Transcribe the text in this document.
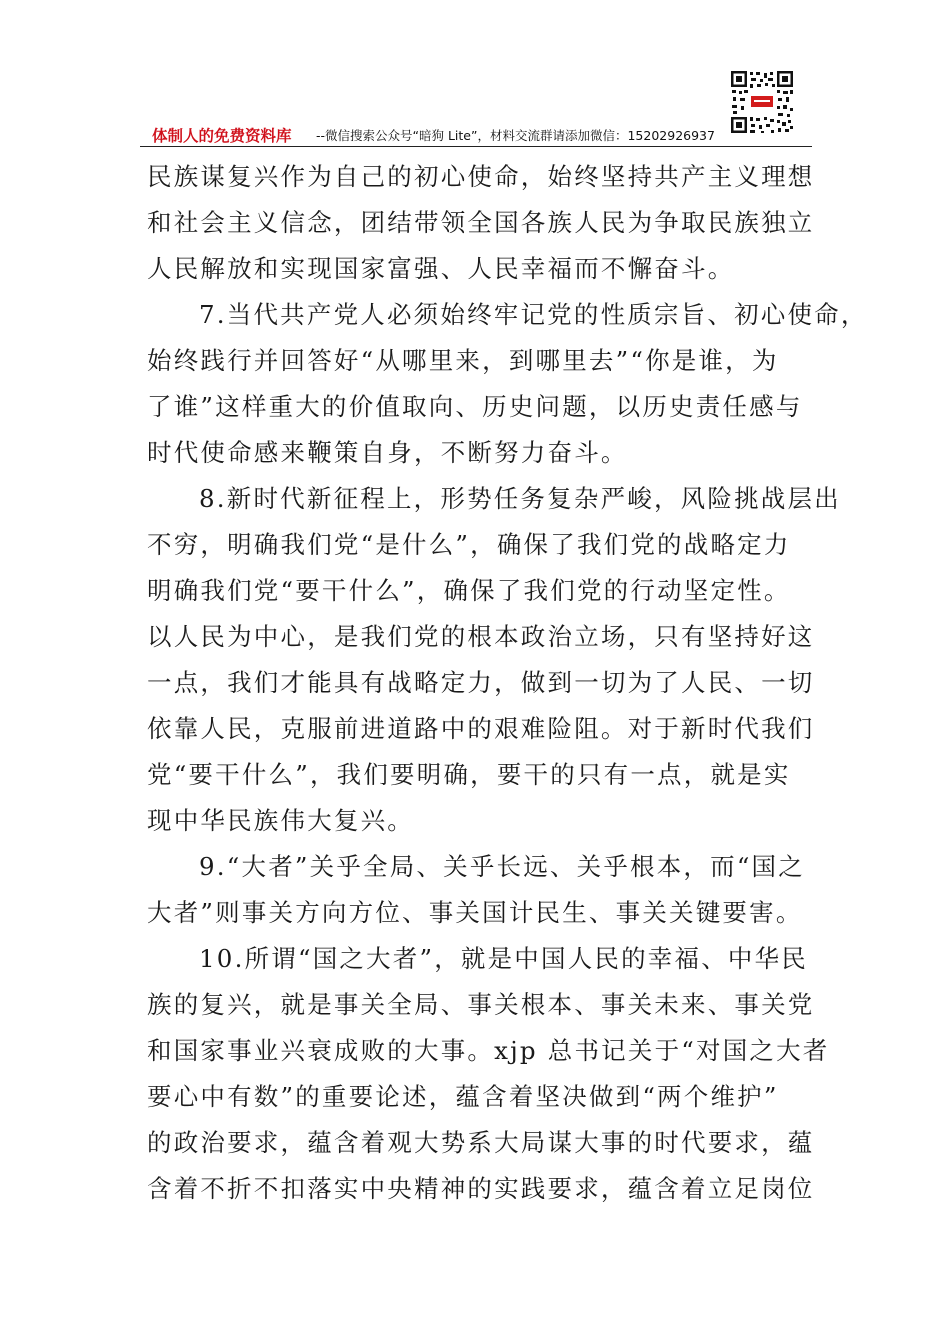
体制人的免费资料库 --微信搜索公众号“暗狗 Lite”，材料交流群请添加微信：15202926937
民族谋复兴作为自己的初心使命，始终坚持共产主义理想
和社会主义信念，团结带领全国各族人民为争取民族独立
人民解放和实现国家富强、人民幸福而不懈奋斗。
7.当代共产党人必须始终牢记党的性质宗旨、初心使命，
始终践行并回答好“从哪里来，到哪里去”“你是谁，为
了谁”这样重大的价值取向、历史问题，以历史责任感与
时代使命感来鞭策自身，不断努力奋斗。
8.新时代新征程上，形势任务复杂严峻，风险挑战层出
不穷，明确我们党“是什么”，确保了我们党的战略定力
明确我们党“要干什么”，确保了我们党的行动坚定性。
以人民为中心，是我们党的根本政治立场，只有坚持好这
一点，我们才能具有战略定力，做到一切为了人民、一切
依靠人民，克服前进道路中的艰难险阻。对于新时代我们
党“要干什么”，我们要明确，要干的只有一点，就是实
现中华民族伟大复兴。
9.“大者”关乎全局、关乎长远、关乎根本，而“国之
大者”则事关方向方位、事关国计民生、事关关键要害。
10.所谓“国之大者”，就是中国人民的幸福、中华民
族的复兴，就是事关全局、事关根本、事关未来、事关党
和国家事业兴衰成败的大事。xjp 总书记关于“对国之大者
要心中有数”的重要论述，蕴含着坚决做到“两个维护”
的政治要求，蕴含着观大势系大局谋大事的时代要求，蕴
含着不折不扣落实中央精神的实践要求，蕴含着立足岗位
